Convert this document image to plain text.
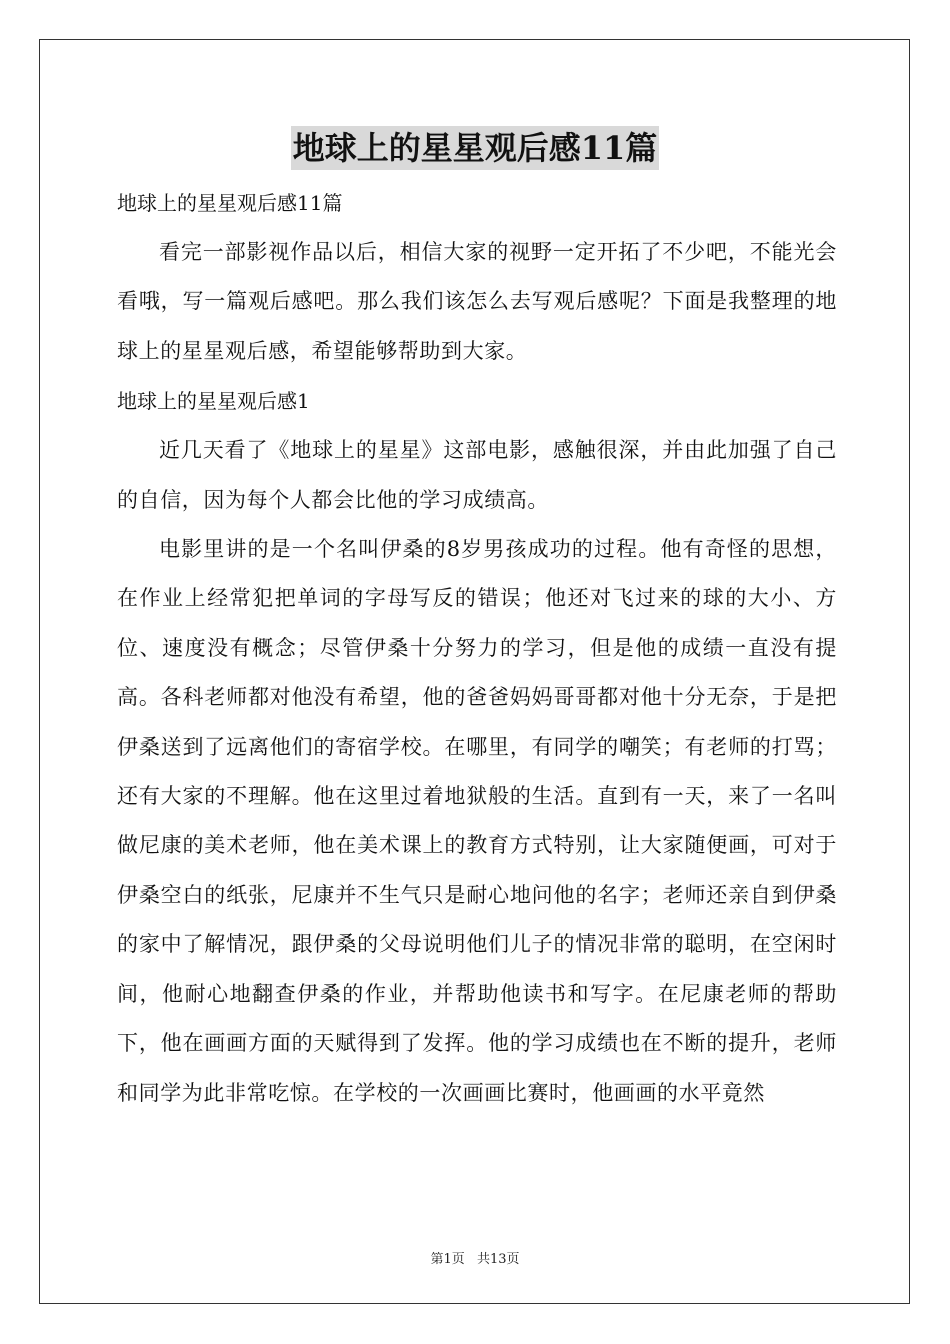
地球上的星星观后感11篇

地球上的星星观后感11篇

看完一部影视作品以后，相信大家的视野一定开拓了不少吧，不能光会看哦，写一篇观后感吧。那么我们该怎么去写观后感呢？下面是我整理的地球上的星星观后感，希望能够帮助到大家。

地球上的星星观后感1

近几天看了《地球上的星星》这部电影，感触很深，并由此加强了自己的自信，因为每个人都会比他的学习成绩高。

电影里讲的是一个名叫伊桑的8岁男孩成功的过程。他有奇怪的思想，在作业上经常犯把单词的字母写反的错误；他还对飞过来的球的大小、方位、速度没有概念；尽管伊桑十分努力的学习，但是他的成绩一直没有提高。各科老师都对他没有希望，他的爸爸妈妈哥哥都对他十分无奈，于是把伊桑送到了远离他们的寄宿学校。在哪里，有同学的嘲笑；有老师的打骂；还有大家的不理解。他在这里过着地狱般的生活。直到有一天，来了一名叫做尼康的美术老师，他在美术课上的教育方式特别，让大家随便画，可对于伊桑空白的纸张，尼康并不生气只是耐心地问他的名字；老师还亲自到伊桑的家中了解情况，跟伊桑的父母说明他们儿子的情况非常的聪明，在空闲时间，他耐心地翻查伊桑的作业，并帮助他读书和写字。在尼康老师的帮助下，他在画画方面的天赋得到了发挥。他的学习成绩也在不断的提升，老师和同学为此非常吃惊。在学校的一次画画比赛时，他画画的水平竟然

第1页 共13页
